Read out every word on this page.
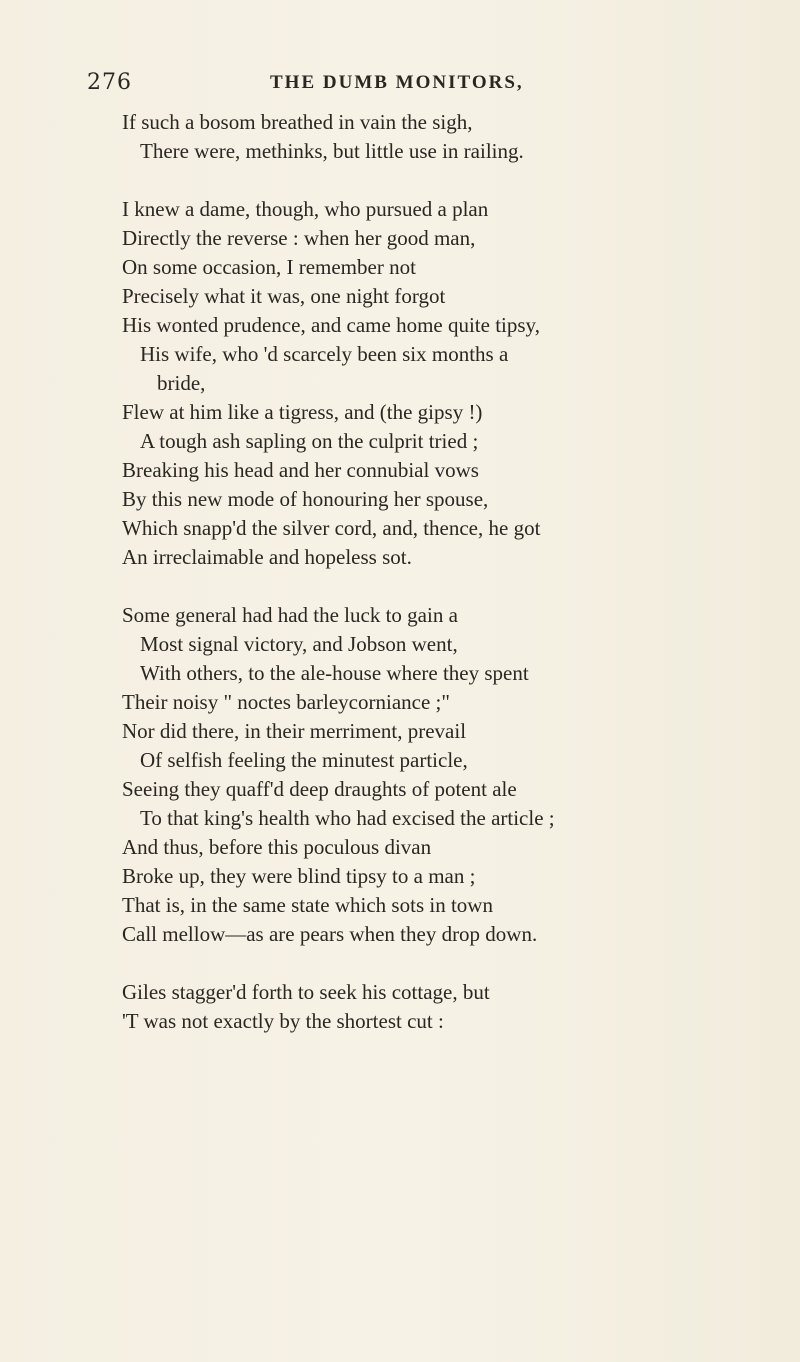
276	THE DUMB MONITORS,
If such a bosom breathed in vain the sigh,
There were, methinks, but little use in railing.
I knew a dame, though, who pursued a plan
Directly the reverse : when her good man,
On some occasion, I remember not
Precisely what it was, one night forgot
His wonted prudence, and came home quite tipsy,
His wife, who 'd scarcely been six months a
bride,
Flew at him like a tigress, and (the gipsy !)
A tough ash sapling on the culprit tried ;
Breaking his head and her connubial vows
By this new mode of honouring her spouse,
Which snapp'd the silver cord, and, thence, he got
An irreclaimable and hopeless sot.
Some general had had the luck to gain a
Most signal victory, and Jobson went,
With others, to the ale-house where they spent
Their noisy " noctes barleycorniance ;"
Nor did there, in their merriment, prevail
Of selfish feeling the minutest particle,
Seeing they quaff'd deep draughts of potent ale
To that king's health who had excised the article ;
And thus, before this poculous divan
Broke up, they were blind tipsy to a man ;
That is, in the same state which sots in town
Call mellow—as are pears when they drop down.
Giles stagger'd forth to seek his cottage, but
'T was not exactly by the shortest cut :
